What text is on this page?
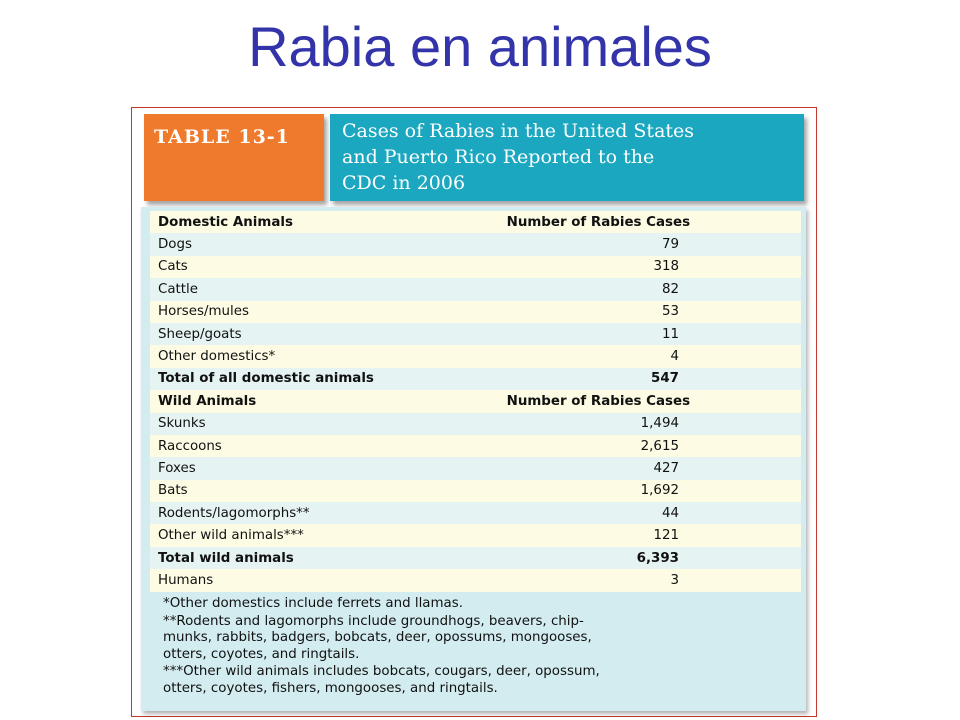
Rabia en animales
TABLE 13-1	Cases of Rabies in the United States
and Puerto Rico Reported to the
CDC in 2006
Domestic Animals	Number of Rabies Cases
Dogs	79
Cats	318
Cattle	82
Horses/mules	53
Sheep/goats	11
Other domestics*	4
Total of all domestic animals	547
Wild Animals	Number of Rabies Cases
Skunks	1,494
Raccoons	2,615
Foxes	427
Bats	1,692
Rodents/lagomorphs**	44
Other wild animals***	121
Total wild animals	6,393
Humans	3
*Other domestics include ferrets and llamas.
**Rodents and lagomorphs include groundhogs, beavers, chip-
munks, rabbits, badgers, bobcats, deer, opossums, mongooses,
otters, coyotes, and ringtails.
***Other wild animals includes bobcats, cougars, deer, opossum,
otters, coyotes, fishers, mongooses, and ringtails.
